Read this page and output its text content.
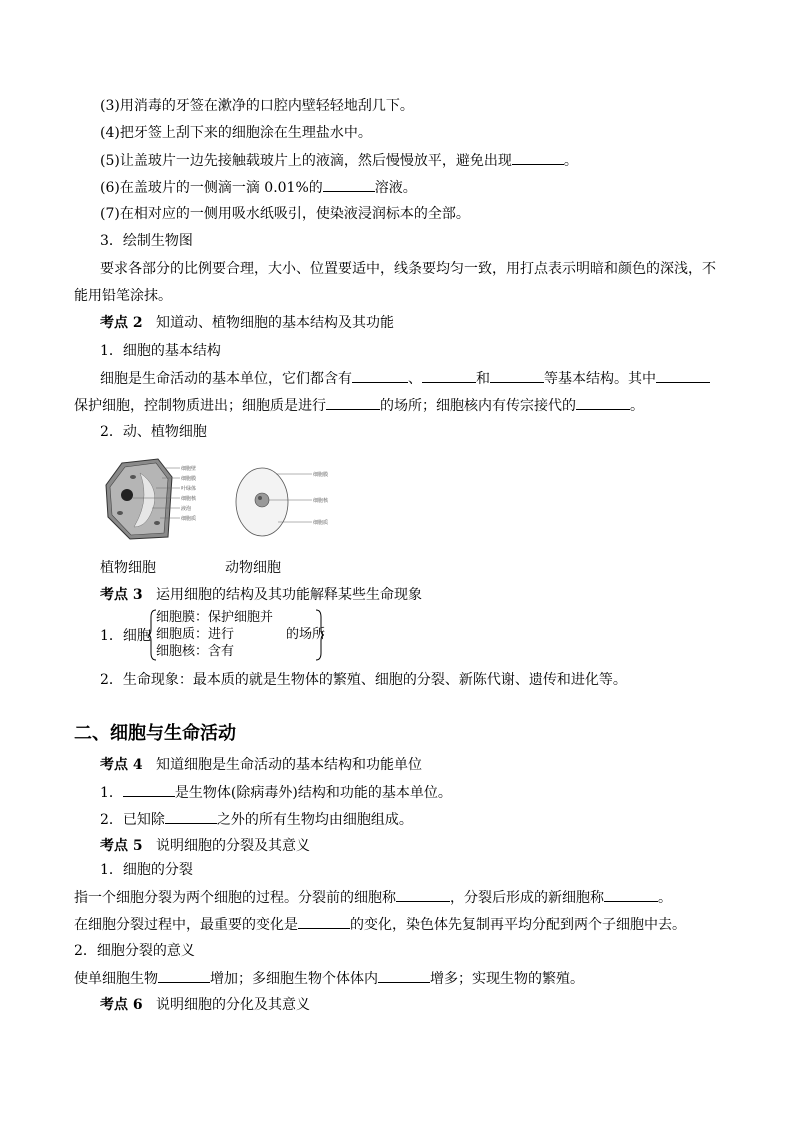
(3)用消毒的牙签在漱净的口腔内壁轻轻地刮几下。
(4)把牙签上刮下来的细胞涂在生理盐水中。
(5)让盖玻片一边先接触载玻片上的液滴，然后慢慢放平，避免出现	。
(6)在盖玻片的一侧滴一滴 0.01%的	溶液。
(7)在相对应的一侧用吸水纸吸引，使染液浸润标本的全部。
3．绘制生物图
要求各部分的比例要合理，大小、位置要适中，线条要均匀一致，用打点表示明暗和颜色的深浅，不
能用铅笔涂抹。
考点 2 知道动、植物细胞的基本结构及其功能
1．细胞的基本结构
细胞是生命活动的基本单位，它们都含有	、	和	等基本结构。其中
保护细胞，控制物质进出；细胞质是进行	的场所；细胞核内有传宗接代的	。
2．动、植物细胞
细胞壁
细胞膜
叶绿体
细胞核
液泡
细胞质
细胞膜
细胞核
细胞质
植物细胞	动物细胞
考点 3 运用细胞的结构及其功能解释某些生命现象
1．细胞
细胞膜：保护细胞并
细胞质：进行	的场所
细胞核：含有
2．生命现象：最本质的就是生物体的繁殖、细胞的分裂、新陈代谢、遗传和进化等。
二、细胞与生命活动
考点 4 知道细胞是生命活动的基本结构和功能单位
1．	是生物体(除病毒外)结构和功能的基本单位。
2．已知除	之外的所有生物均由细胞组成。
考点 5 说明细胞的分裂及其意义
1．细胞的分裂
指一个细胞分裂为两个细胞的过程。分裂前的细胞称	，分裂后形成的新细胞称	。
在细胞分裂过程中，最重要的变化是	的变化，染色体先复制再平均分配到两个子细胞中去。
2．细胞分裂的意义
使单细胞生物	增加；多细胞生物个体体内	增多；实现生物的繁殖。
考点 6 说明细胞的分化及其意义
